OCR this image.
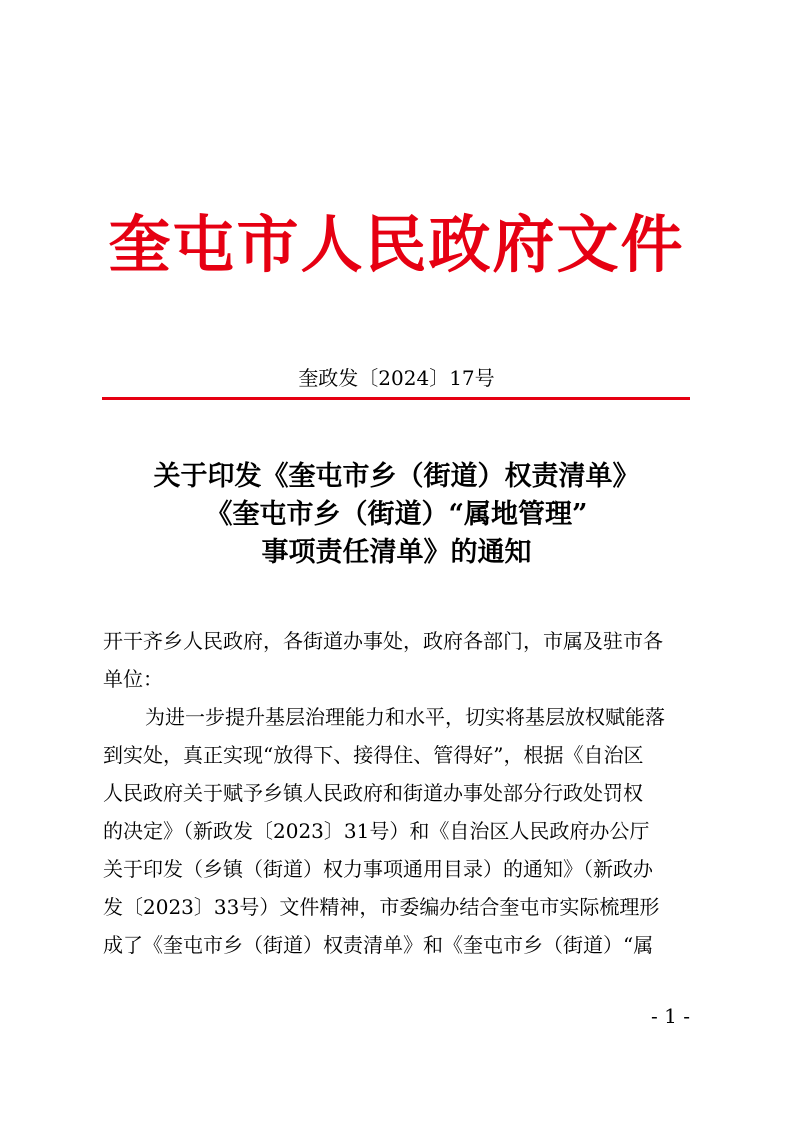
奎屯市人民政府文件
奎政发〔2024〕17号
关于印发《奎屯市乡（街道）权责清单》
《奎屯市乡（街道）“属地管理”
事项责任清单》的通知

开干齐乡人民政府，各街道办事处，政府各部门，市属及驻市各

单位：

为进一步提升基层治理能力和水平，切实将基层放权赋能落

到实处，真正实现“放得下、接得住、管得好”，根据《自治区

人民政府关于赋予乡镇人民政府和街道办事处部分行政处罚权

的决定》（新政发〔2023〕31号）和《自治区人民政府办公厅

关于印发（乡镇（街道）权力事项通用目录）的通知》（新政办

发〔2023〕33号）文件精神，市委编办结合奎屯市实际梳理形

成了《奎屯市乡（街道）权责清单》和《奎屯市乡（街道）“属

- 1 -
